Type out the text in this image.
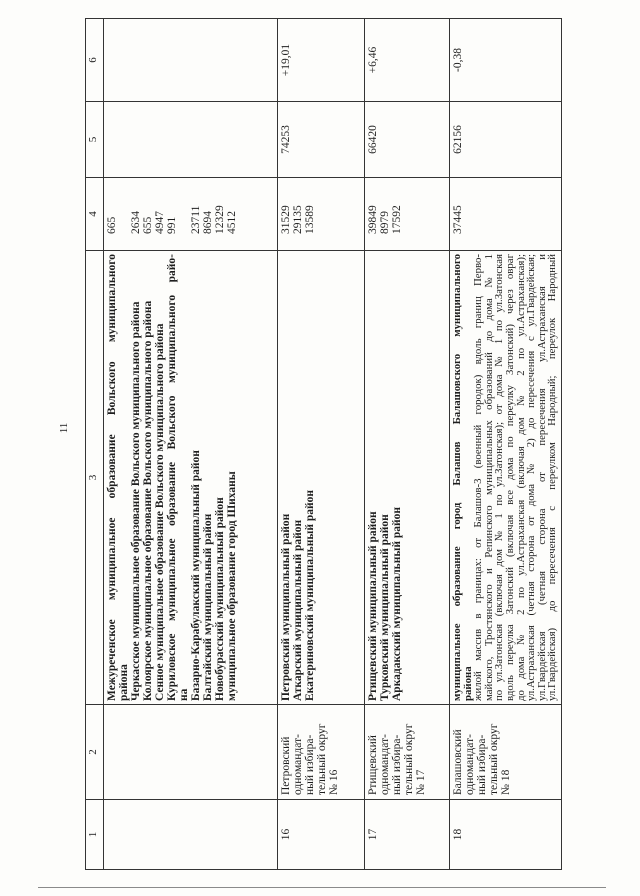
11
1
2
3
4
5
6
Межуреченское муниципальное образование Вольского муниципального района Черкасское муниципальное образование Вольского муниципального района Колоярское муниципальное образование Вольского муниципального района Сенное муниципальное образование Вольского муниципального района Куриловское муниципальное образование Вольского муниципального райо- на Базарно-Карабулакский муниципальный район Балтайский муниципальный район Новобурасский муниципальный район муниципальное образование город Шиханы
665 2634 655 4947 991 23711 8694 12329 4512
16
Петровский одномандат- ный избира- тельный округ № 16
Петровский муниципальный район Аткарский муниципальный район Екатериновский муниципальный район
31529 29135 13589
74253
+19,01
17
Ртищевский одномандат- ный избира- тельный округ № 17
Ртищевский муниципальный район Турковский муниципальный район Аркадакский муниципальный район
39849 8979 17592
66420
+6,46
18
Балашовский одномандат- ный избира- тельный округ № 18
муниципальное образование город Балашов Балашовского муниципального
района
жилой массив в границах: от Балашов-3 (военный городок) вдоль границ Перво-
майского, Тростянского и Репинского муниципальных образований до дома № 1
по ул.Затонская (включая дом № 1 по ул.Затонская); от дома № 1 по ул.Затонская
вдоль переулка Затонский (включая все дома по переулку Затонский) через овраг
до дома № 2 по ул.Астраханская (включая дом № 2 по ул.Астраханская);
ул.Астраханская (четная сторона от дома № 2) до пересечения с ул.Гвардейская;
ул.Гвардейская (четная сторона от пересечения ул.Астраханская и
ул.Гвардейская) до пересечения с переулком Народный; переулок Народный
37445
62156
-0,38
